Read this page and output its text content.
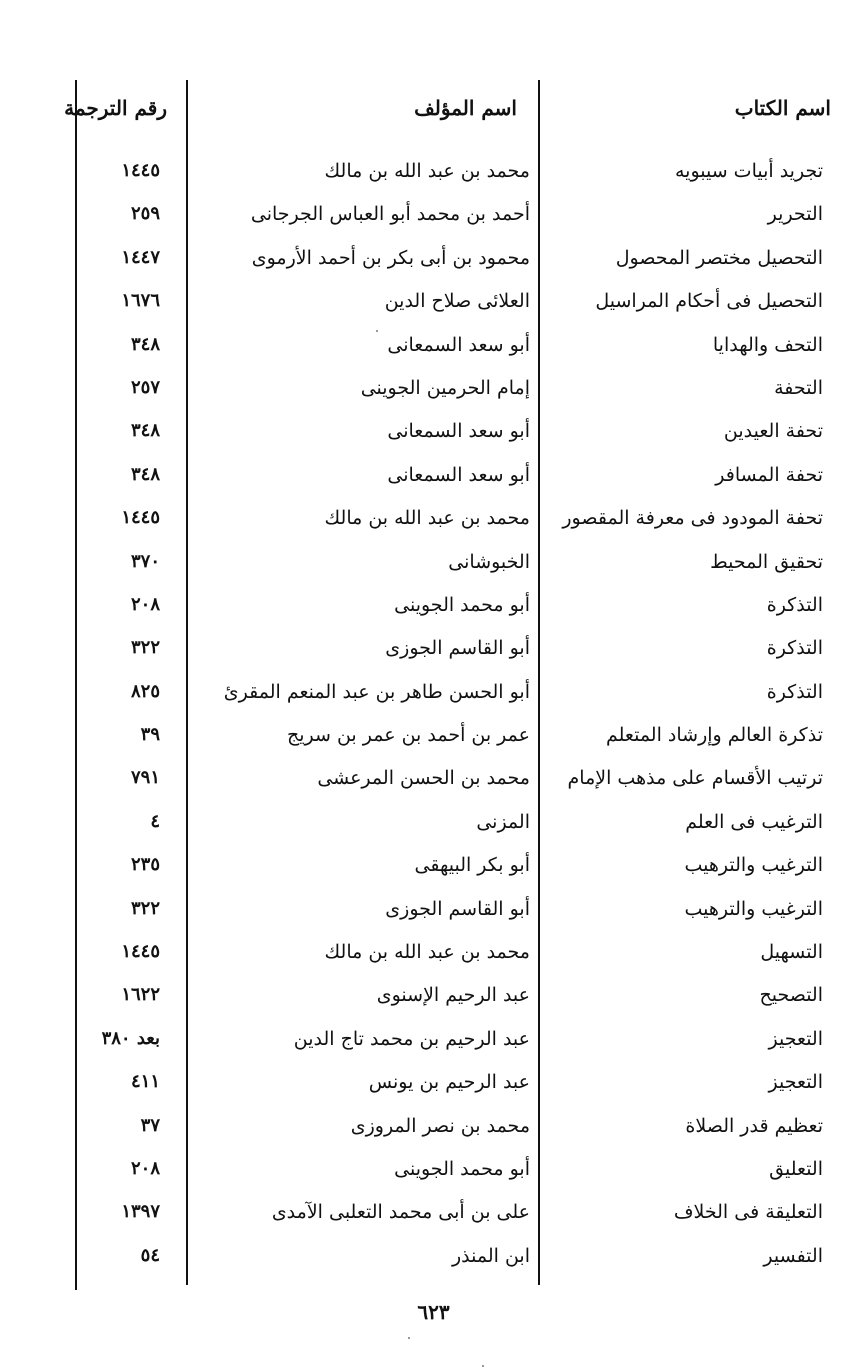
اسم الكتاب
اسم المؤلف
رقم الترجمة
تجريد أبيات سيبويه
محمد بن عبد الله بن مالك
١٤٤٥
التحرير
أحمد بن محمد أبو العباس الجرجانى
٢٥٩
التحصيل مختصر المحصول
محمود بن أبى بكر بن أحمد الأرموى
١٤٤٧
التحصيل فى أحكام المراسيل
العلائى صلاح الدين
١٦٧٦
التحف والهدايا
أبو سعد السمعانى
٣٤٨
التحفة
إمام الحرمين الجوينى
٢٥٧
تحفة العيدين
أبو سعد السمعانى
٣٤٨
تحفة المسافر
أبو سعد السمعانى
٣٤٨
تحفة المودود فى معرفة المقصور
محمد بن عبد الله بن مالك
١٤٤٥
تحقيق المحيط
الخبوشانى
٣٧٠
التذكرة
أبو محمد الجوينى
٢٠٨
التذكرة
أبو القاسم الجوزى
٣٢٢
التذكرة
أبو الحسن طاهر بن عبد المنعم المقرئ
٨٢٥
تذكرة العالم وإرشاد المتعلم
عمر بن أحمد بن عمر بن سريج
٣٩
ترتيب الأقسام على مذهب الإمام
محمد بن الحسن المرعشى
٧٩١
الترغيب فى العلم
المزنى
٤
الترغيب والترهيب
أبو بكر البيهقى
٢٣٥
الترغيب والترهيب
أبو القاسم الجوزى
٣٢٢
التسهيل
محمد بن عبد الله بن مالك
١٤٤٥
التصحيح
عبد الرحيم الإسنوى
١٦٢٢
التعجيز
عبد الرحيم بن محمد تاج الدين
بعد ٣٨٠
التعجيز
عبد الرحيم بن يونس
٤١١
تعظيم قدر الصلاة
محمد بن نصر المروزى
٣٧
التعليق
أبو محمد الجوينى
٢٠٨
التعليقة فى الخلاف
على بن أبى محمد التعلبى الآمدى
١٣٩٧
التفسير
ابن المنذر
٥٤
٦٢٣
